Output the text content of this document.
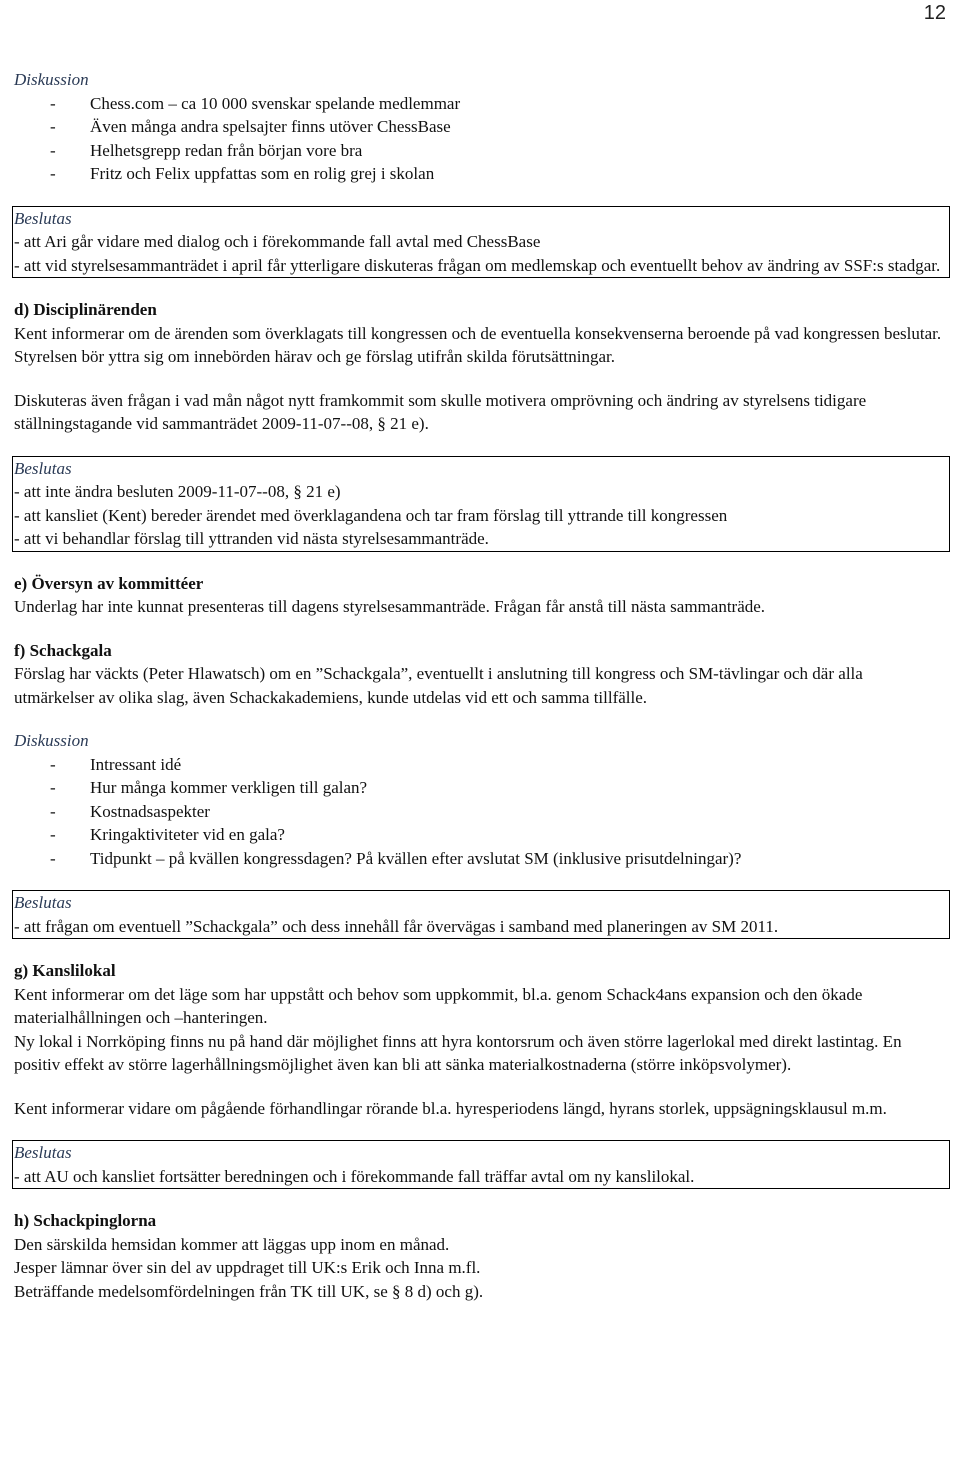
12

Diskussion

- Chess.com – ca 10 000 svenskar spelande medlemmar
- Även många andra spelsajter finns utöver ChessBase
- Helhetsgrepp redan från början vore bra
- Fritz och Felix uppfattas som en rolig grej i skolan

Beslutas

- att Ari går vidare med dialog och i förekommande fall avtal med ChessBase

- att vid styrelsesammanträdet i april får ytterligare diskuteras frågan om medlemskap och eventuellt behov av ändring av SSF:s stadgar.

d) Disciplinärenden

Kent informerar om de ärenden som överklagats till kongressen och de eventuella konsekvenserna beroende på vad kongressen beslutar. Styrelsen bör yttra sig om innebörden härav och ge förslag utifrån skilda förutsättningar.

Diskuteras även frågan i vad mån något nytt framkommit som skulle motivera omprövning och ändring av styrelsens tidigare ställningstagande vid sammanträdet 2009-11-07--08, § 21 e).

Beslutas

- att inte ändra besluten 2009-11-07--08, § 21 e)

- att kansliet (Kent) bereder ärendet med överklagandena och tar fram förslag till yttrande till kongressen

- att vi behandlar förslag till yttranden vid nästa styrelsesammanträde.

e) Översyn av kommittéer

Underlag har inte kunnat presenteras till dagens styrelsesammanträde. Frågan får anstå till nästa sammanträde.

f) Schackgala

Förslag har väckts (Peter Hlawatsch) om en ”Schackgala”, eventuellt i anslutning till kongress och SM-tävlingar och där alla utmärkelser av olika slag, även Schackakademiens, kunde utdelas vid ett och samma tillfälle.

Diskussion

- Intressant idé
- Hur många kommer verkligen till galan?
- Kostnadsaspekter
- Kringaktiviteter vid en gala?
- Tidpunkt – på kvällen kongressdagen? På kvällen efter avslutat SM (inklusive prisutdelningar)?

Beslutas

- att frågan om eventuell ”Schackgala” och dess innehåll får övervägas i samband med planeringen av SM 2011.

g) Kanslilokal

Kent informerar om det läge som har uppstått och behov som uppkommit, bl.a. genom Schack4ans expansion och den ökade materialhållningen och –hanteringen.

Ny lokal i Norrköping finns nu på hand där möjlighet finns att hyra kontorsrum och även större lagerlokal med direkt lastintag. En positiv effekt av större lagerhållningsmöjlighet även kan bli att sänka materialkostnaderna (större inköpsvolymer).

Kent informerar vidare om pågående förhandlingar rörande bl.a. hyresperiodens längd, hyrans storlek, uppsägningsklausul m.m.

Beslutas

- att AU och kansliet fortsätter beredningen och i förekommande fall träffar avtal om ny kanslilokal.

h) Schackpinglorna

Den särskilda hemsidan kommer att läggas upp inom en månad.

Jesper lämnar över sin del av uppdraget till UK:s Erik och Inna m.fl.

Beträffande medelsomfördelningen från TK till UK, se § 8 d) och g).
